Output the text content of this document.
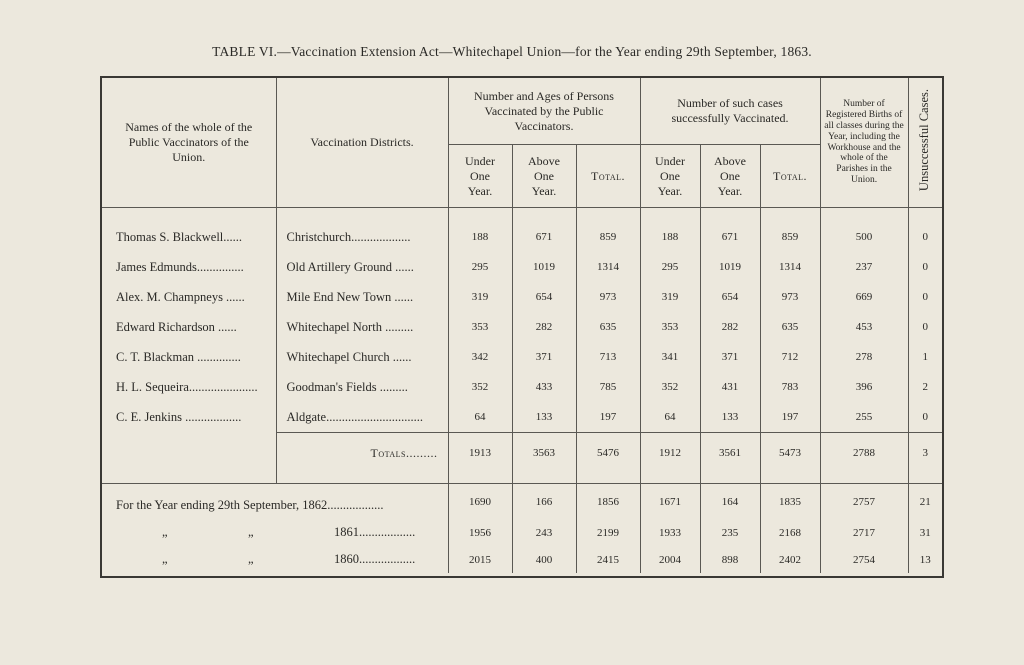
TABLE VI.—Vaccination Extension Act—Whitechapel Union—for the Year ending 29th September, 1863.
Names of the whole of the Public Vaccinators of the Union.	Vaccination Districts.	Number and Ages of Persons Vaccinated by the Public Vaccinators.			Number of such cases successfully Vaccinated.			Number of Registered Births of all classes during the Year, including the Workhouse and the whole of the Parishes in the Union.	Unsuccessful Cases.
		Under One Year.	Above One Year.	Total.	Under One Year.	Above One Year.	Total.		

Thomas S. Blackwell......	Christchurch...................	188	671	859	188	671	859	500	0
James Edmunds...............	Old Artillery Ground ......	295	1019	1314	295	1019	1314	237	0
Alex. M. Champneys ......	Mile End New Town ......	319	654	973	319	654	973	669	0
Edward Richardson ......	Whitechapel North .........	353	282	635	353	282	635	453	0
C. T. Blackman ..............	Whitechapel Church ......	342	371	713	341	371	712	278	1
H. L. Sequeira......................	Goodman's Fields .........	352	433	785	352	431	783	396	2
C. E. Jenkins ..................	Aldgate...............................	64	133	197	64	133	197	255	0
	Totals.........	1913	3563	5476	1912	3561	5473	2788	3

For the Year ending 29th September, 1862..................		1690	166	1856	1671	164	1835	2757	21
„ „ 1861..................		1956	243	2199	1933	235	2168	2717	31
„ „ 1860..................		2015	400	2415	2004	898	2402	2754	13
